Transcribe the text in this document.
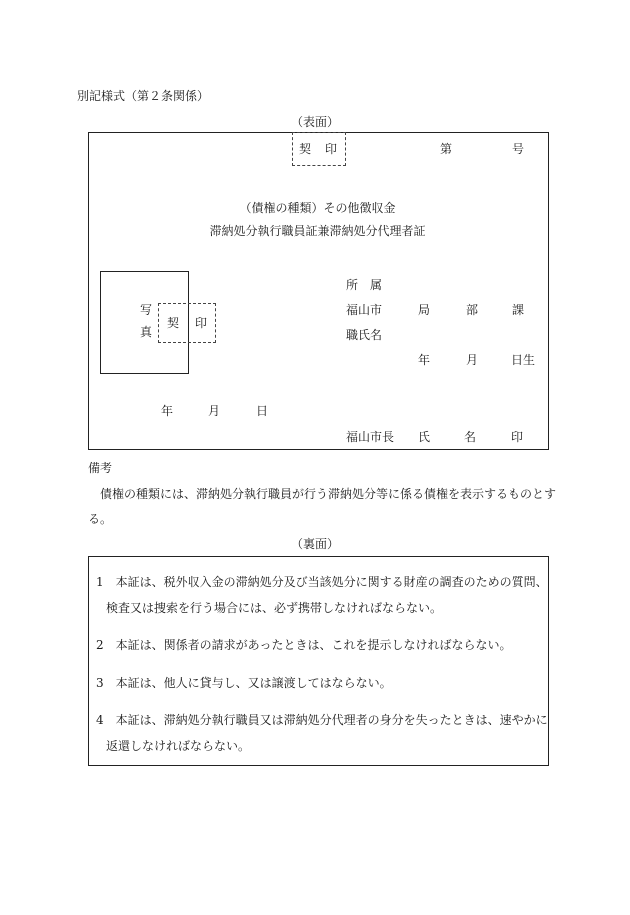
別記様式（第２条関係）
（表面）
契 印	第	号
（債権の種類）その他徴収金
滞納処分執行職員証兼滞納処分代理者証
写
真
契 印
所　属
福山市	局	部	課
職氏名
年	月	日生
年	月	日
福山市長 氏	名	印
備考
債権の種類には、滞納処分執行職員が行う滞納処分等に係る債権を表示するものとす
る。
（裏面）
1　本証は、税外収入金の滞納処分及び当該処分に関する財産の調査のための質問、
検査又は捜索を行う場合には、必ず携帯しなければならない。
2　本証は、関係者の請求があったときは、これを提示しなければならない。
3　本証は、他人に貸与し、又は譲渡してはならない。
4　本証は、滞納処分執行職員又は滞納処分代理者の身分を失ったときは、速やかに
返還しなければならない。
